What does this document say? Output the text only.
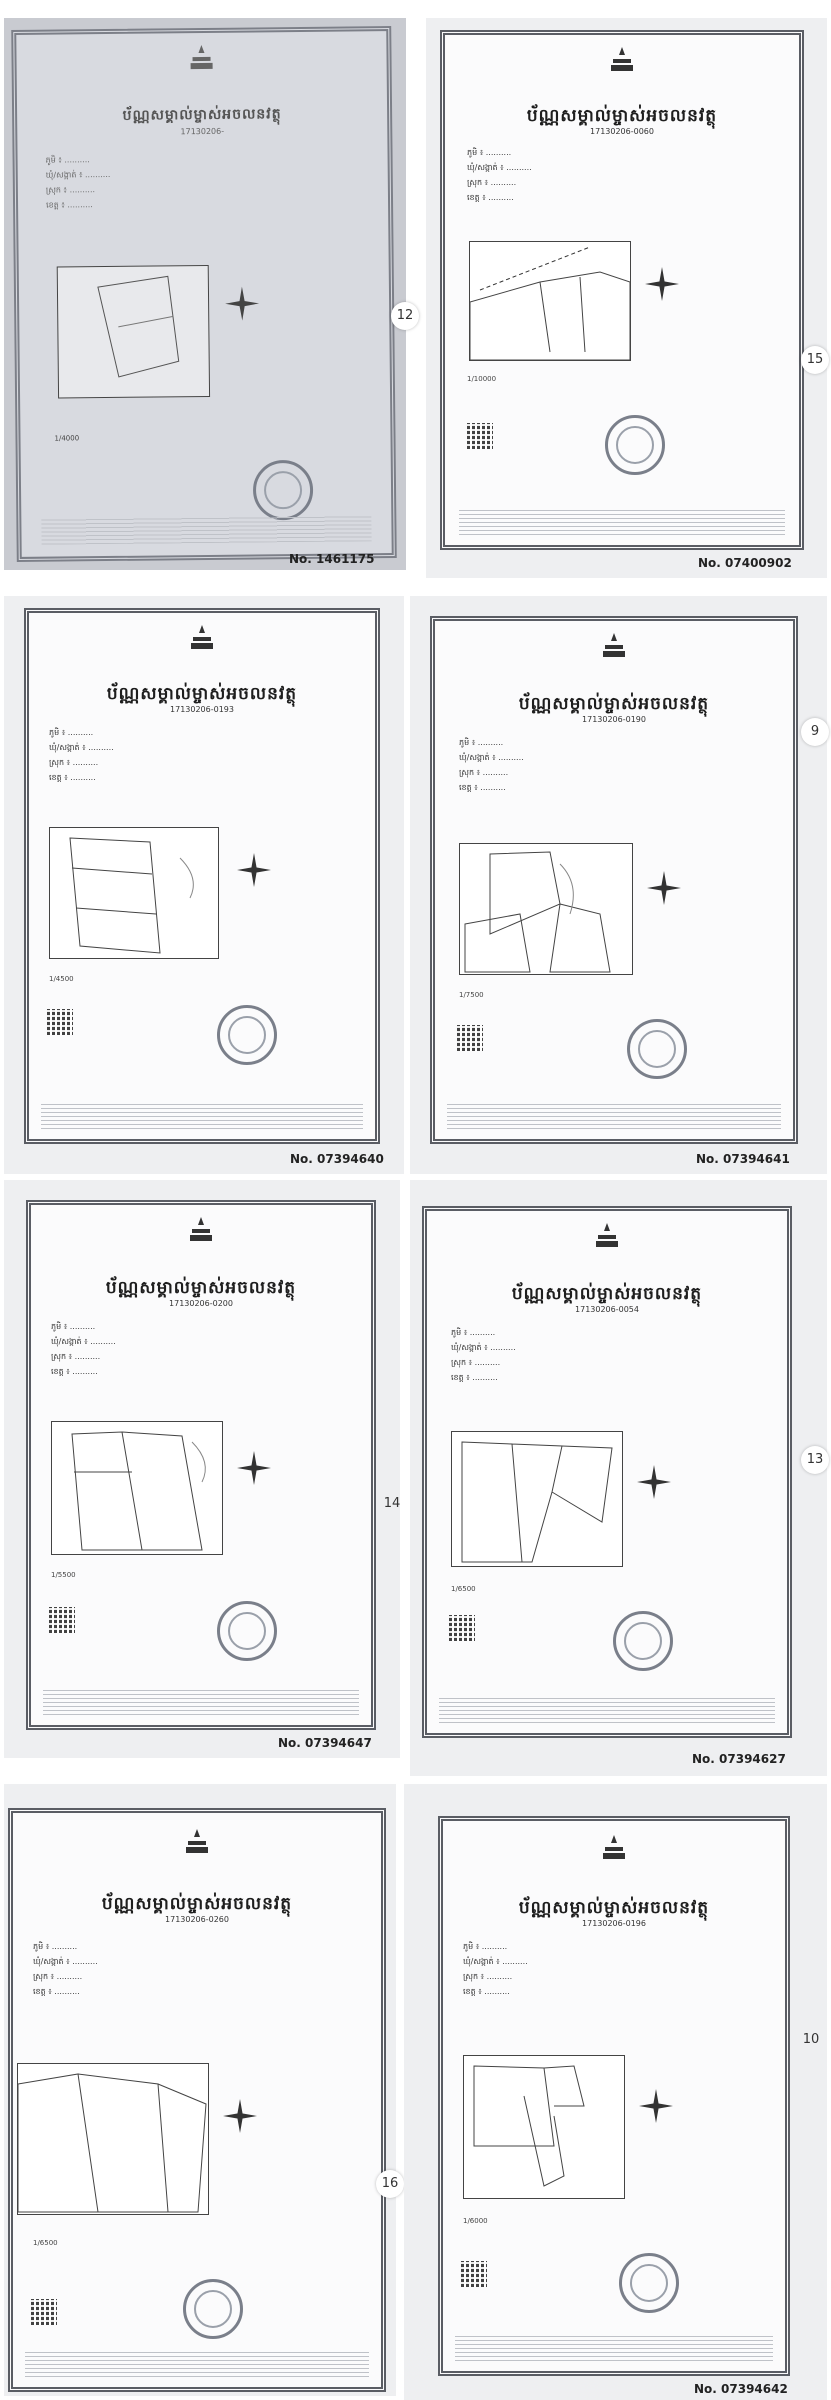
ប័ណ្ណសម្គាល់ម្ចាស់អចលនវត្ថុ
17130206-
ភូមិ ៖ ..........
ឃុំ/សង្កាត់ ៖ ..........
ស្រុក ៖ ..........
ខេត្ត ៖ ..........
1/4000
No. 1461175
12
ប័ណ្ណសម្គាល់ម្ចាស់អចលនវត្ថុ
17130206-0060
ភូមិ ៖ ..........
ឃុំ/សង្កាត់ ៖ ..........
ស្រុក ៖ ..........
ខេត្ត ៖ ..........
1/10000
No. 07400902
15
ប័ណ្ណសម្គាល់ម្ចាស់អចលនវត្ថុ
17130206-0193
ភូមិ ៖ ..........
ឃុំ/សង្កាត់ ៖ ..........
ស្រុក ៖ ..........
ខេត្ត ៖ ..........
1/4500
No. 07394640
ប័ណ្ណសម្គាល់ម្ចាស់អចលនវត្ថុ
17130206-0190
ភូមិ ៖ ..........
ឃុំ/សង្កាត់ ៖ ..........
ស្រុក ៖ ..........
ខេត្ត ៖ ..........
1/7500
No. 07394641
9
ប័ណ្ណសម្គាល់ម្ចាស់អចលនវត្ថុ
17130206-0200
ភូមិ ៖ ..........
ឃុំ/សង្កាត់ ៖ ..........
ស្រុក ៖ ..........
ខេត្ត ៖ ..........
1/5500
No. 07394647
14
ប័ណ្ណសម្គាល់ម្ចាស់អចលនវត្ថុ
17130206-0054
ភូមិ ៖ ..........
ឃុំ/សង្កាត់ ៖ ..........
ស្រុក ៖ ..........
ខេត្ត ៖ ..........
1/6500
No. 07394627
13
ប័ណ្ណសម្គាល់ម្ចាស់អចលនវត្ថុ
17130206-0260
ភូមិ ៖ ..........
ឃុំ/សង្កាត់ ៖ ..........
ស្រុក ៖ ..........
ខេត្ត ៖ ..........
1/6500
16
ប័ណ្ណសម្គាល់ម្ចាស់អចលនវត្ថុ
17130206-0196
ភូមិ ៖ ..........
ឃុំ/សង្កាត់ ៖ ..........
ស្រុក ៖ ..........
ខេត្ត ៖ ..........
1/6000
No. 07394642
10
